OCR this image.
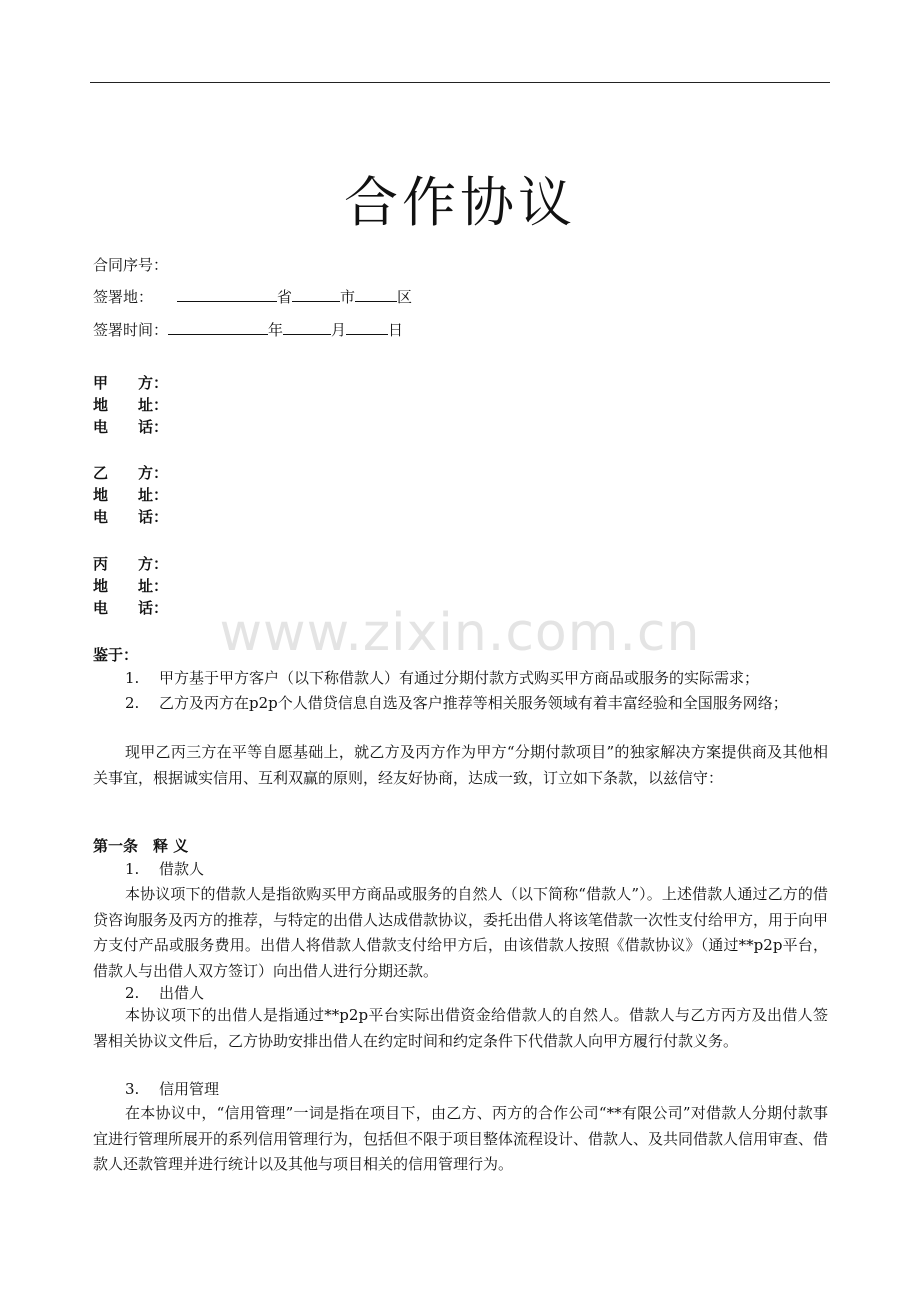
合作协议
合同序号：
签署地：	省	市	区
签署时间：	年	月	日
甲　　方：
地　　址：
电　　话：
乙　　方：
地　　址：
电　　话：
丙　　方：
地　　址：
电　　话： www.zixin.com.cn
鉴于：
1.	甲方基于甲方客户（以下称借款人）有通过分期付款方式购买甲方商品或服务的实际需求；
2.	乙方及丙方在p2p个人借贷信息自选及客户推荐等相关服务领域有着丰富经验和全国服务网络；
现甲乙丙三方在平等自愿基础上，就乙方及丙方作为甲方“分期付款项目”的独家解决方案提供商及其他相关事宜，根据诚实信用、互利双赢的原则，经友好协商，达成一致，订立如下条款，以兹信守：
第一条　释 义
1.	借款人
本协议项下的借款人是指欲购买甲方商品或服务的自然人（以下简称“借款人”）。上述借款人通过乙方的借贷咨询服务及丙方的推荐，与特定的出借人达成借款协议，委托出借人将该笔借款一次性支付给甲方，用于向甲方支付产品或服务费用。出借人将借款人借款支付给甲方后，由该借款人按照《借款协议》（通过**p2p平台，借款人与出借人双方签订）向出借人进行分期还款。
2.	出借人
本协议项下的出借人是指通过**p2p平台实际出借资金给借款人的自然人。借款人与乙方丙方及出借人签署相关协议文件后，乙方协助安排出借人在约定时间和约定条件下代借款人向甲方履行付款义务。
3.	信用管理
在本协议中，“信用管理”一词是指在项目下，由乙方、丙方的合作公司“**有限公司”对借款人分期付款事宜进行管理所展开的系列信用管理行为，包括但不限于项目整体流程设计、借款人、及共同借款人信用审查、借款人还款管理并进行统计以及其他与项目相关的信用管理行为。
